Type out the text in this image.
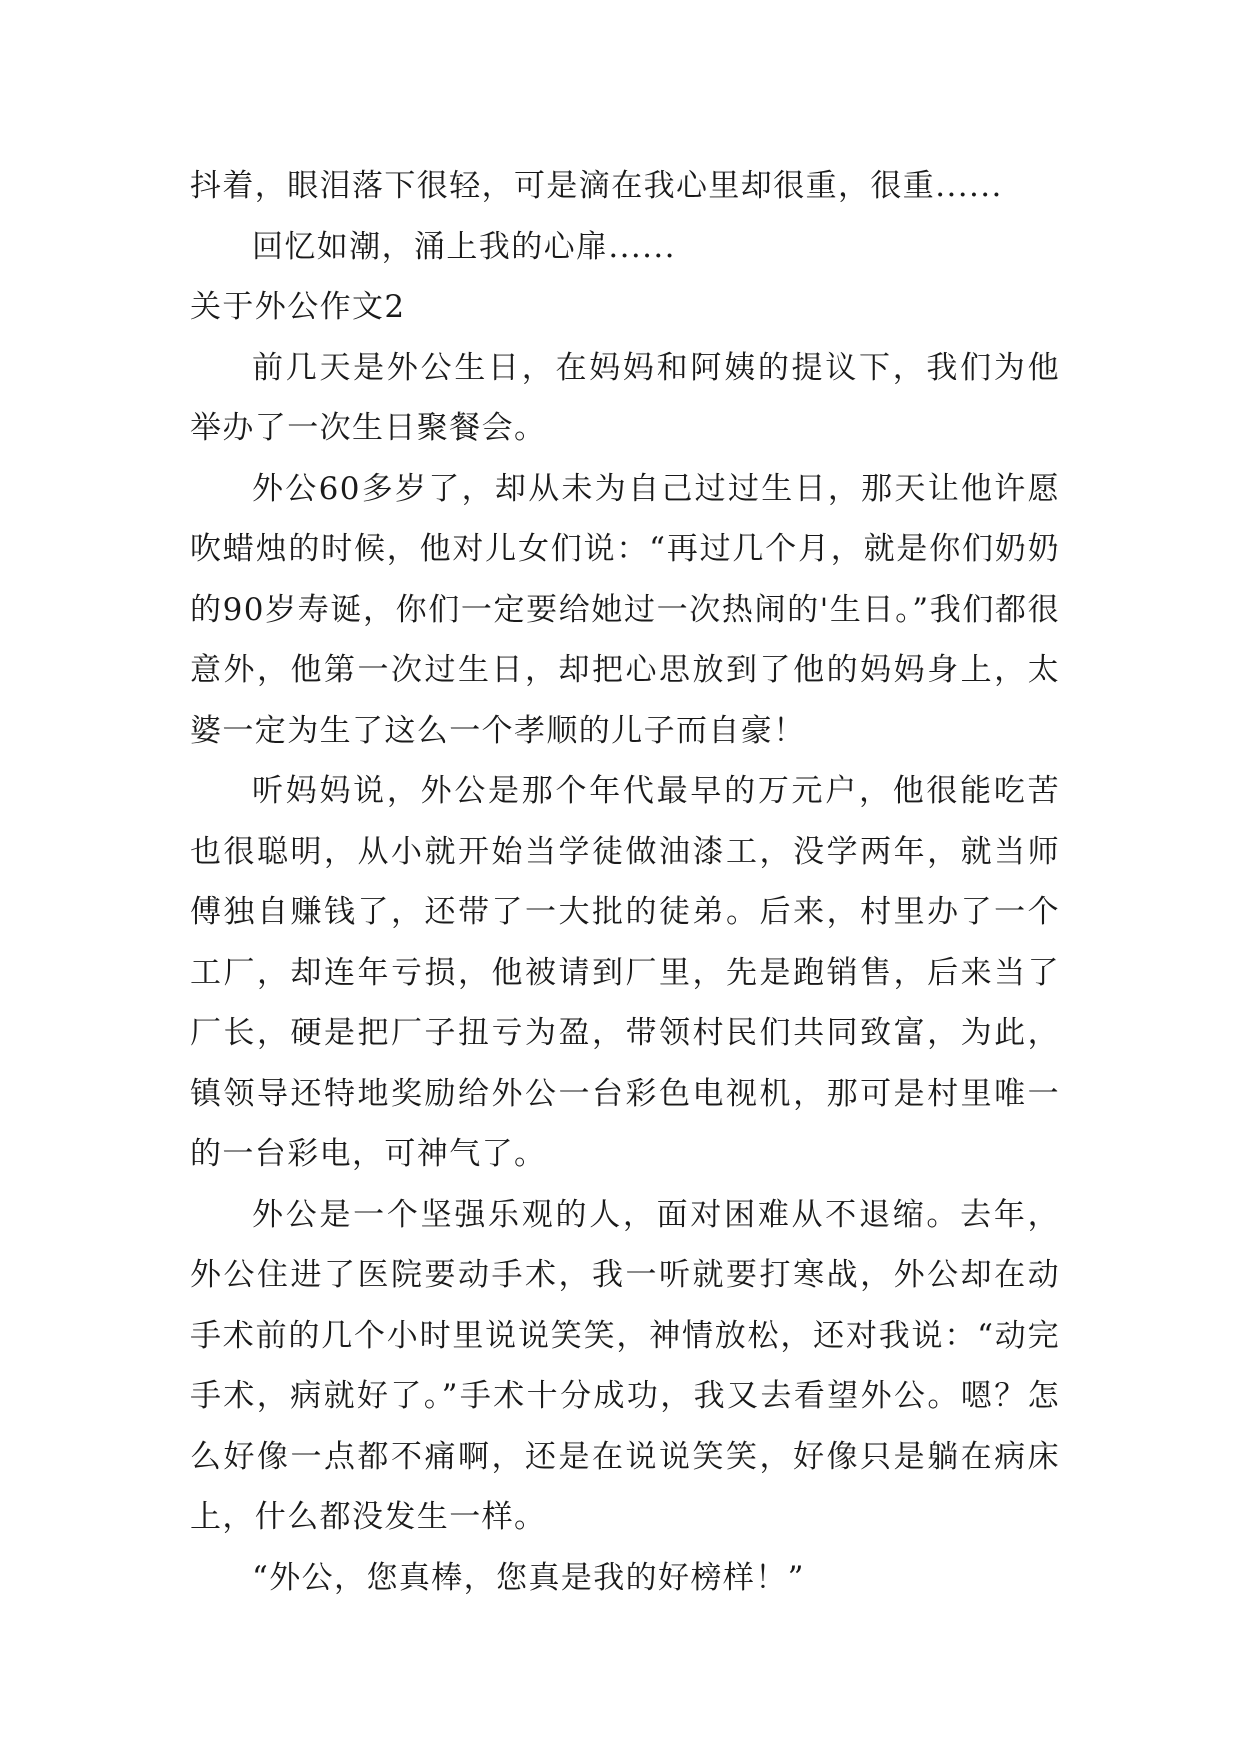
抖着，眼泪落下很轻，可是滴在我心里却很重，很重......

回忆如潮，涌上我的心扉......

关于外公作文2

前几天是外公生日，在妈妈和阿姨的提议下，我们为他举办了一次生日聚餐会。

外公60多岁了，却从未为自己过过生日，那天让他许愿吹蜡烛的时候，他对儿女们说：“再过几个月，就是你们奶奶的90岁寿诞，你们一定要给她过一次热闹的'生日。”我们都很意外，他第一次过生日，却把心思放到了他的妈妈身上，太婆一定为生了这么一个孝顺的儿子而自豪！

听妈妈说，外公是那个年代最早的万元户，他很能吃苦也很聪明，从小就开始当学徒做油漆工，没学两年，就当师傅独自赚钱了，还带了一大批的徒弟。后来，村里办了一个工厂，却连年亏损，他被请到厂里，先是跑销售，后来当了厂长，硬是把厂子扭亏为盈，带领村民们共同致富，为此，镇领导还特地奖励给外公一台彩色电视机，那可是村里唯一的一台彩电，可神气了。

外公是一个坚强乐观的人，面对困难从不退缩。去年，外公住进了医院要动手术，我一听就要打寒战，外公却在动手术前的几个小时里说说笑笑，神情放松，还对我说：“动完手术，病就好了。”手术十分成功，我又去看望外公。嗯？怎么好像一点都不痛啊，还是在说说笑笑，好像只是躺在病床上，什么都没发生一样。

“外公，您真棒，您真是我的好榜样！”
